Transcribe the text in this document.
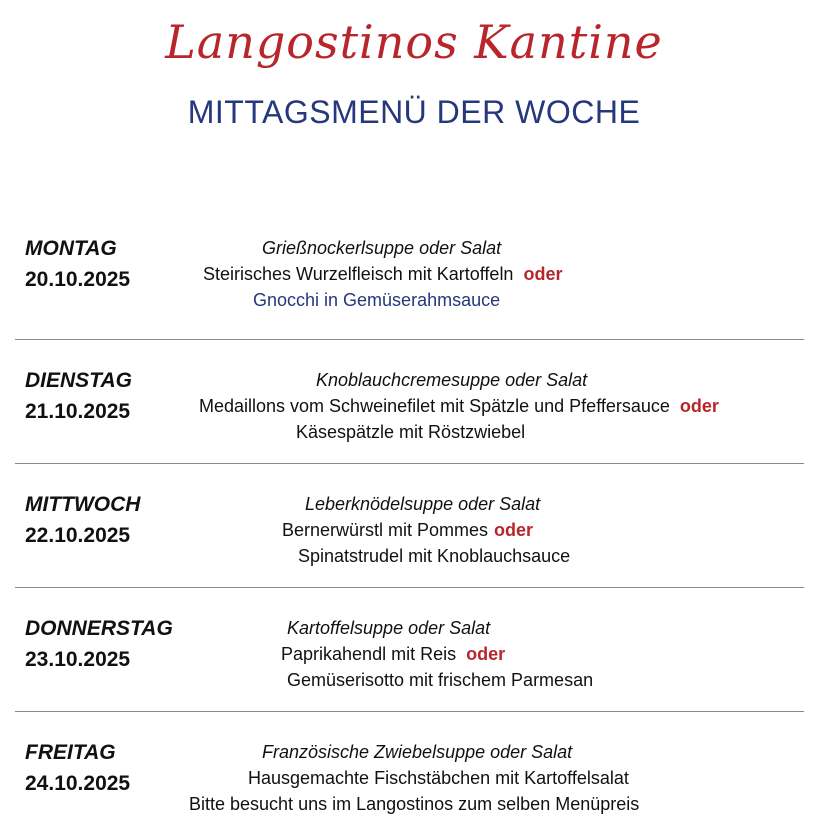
Langostinos Kantine
MITTAGSMENÜ DER WOCHE
MONTAG
20.10.2025
Grießnockerlsuppe oder Salat
Steirisches Wurzelfleisch mit Kartoffeln oder
Gnocchi in Gemüserahmsauce
DIENSTAG
21.10.2025
Knoblauchcremesuppe oder Salat
Medaillons vom Schweinefilet mit Spätzle und Pfeffersauce oder
Käsespätzle mit Röstzwiebel
MITTWOCH
22.10.2025
Leberknödelsuppe oder Salat
Bernerwürstl mit Pommes oder
Spinatstrudel mit Knoblauchsauce
DONNERSTAG
23.10.2025
Kartoffelsuppe oder Salat
Paprikahendl mit Reis oder
Gemüserisotto mit frischem Parmesan
FREITAG
24.10.2025
Französische Zwiebelsuppe oder Salat
Hausgemachte Fischstäbchen mit Kartoffelsalat
Bitte besucht uns im Langostinos zum selben Menüpreis
